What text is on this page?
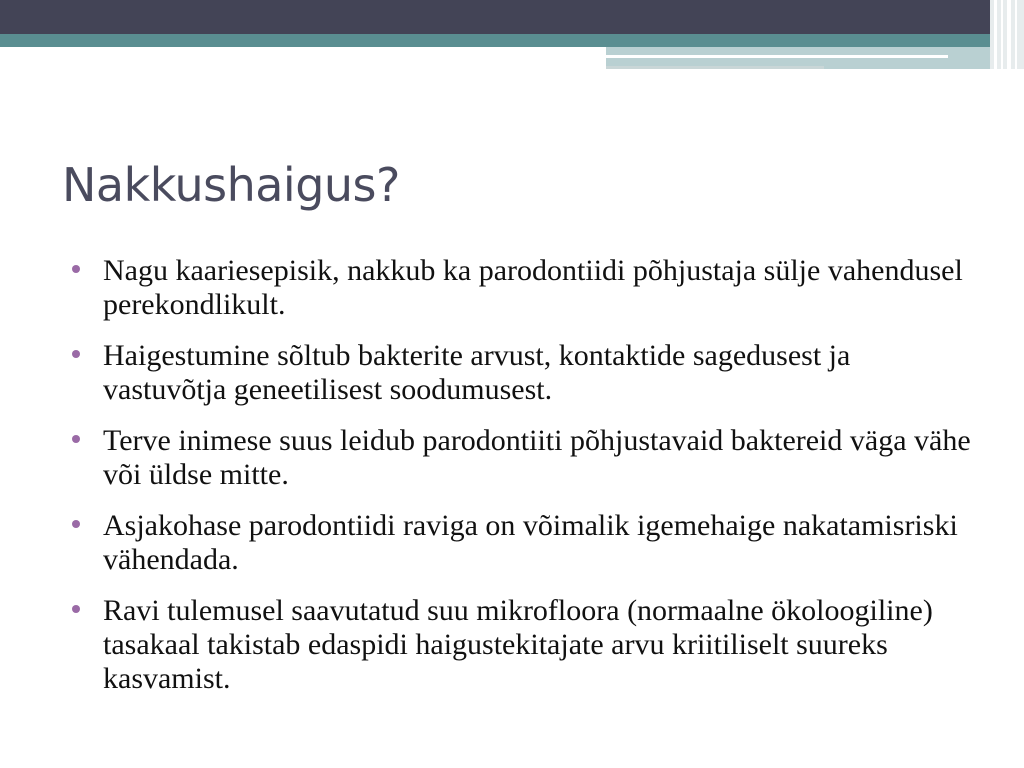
Nakkushaigus?
Nagu kaariesepisik, nakkub ka parodontiidi põhjustaja sülje vahendusel perekondlikult.
Haigestumine sõltub bakterite arvust, kontaktide sagedusest ja vastuvõtja geneetilisest soodumusest.
Terve inimese suus leidub parodontiiti põhjustavaid baktereid väga vähe või üldse mitte.
Asjakohase parodontiidi raviga on võimalik igemehaige nakatamisriski vähendada.
Ravi tulemusel saavutatud suu mikrofloora (normaalne ökoloogiline) tasakaal takistab edaspidi haigustekitajate arvu kriitiliselt suureks kasvamist.
